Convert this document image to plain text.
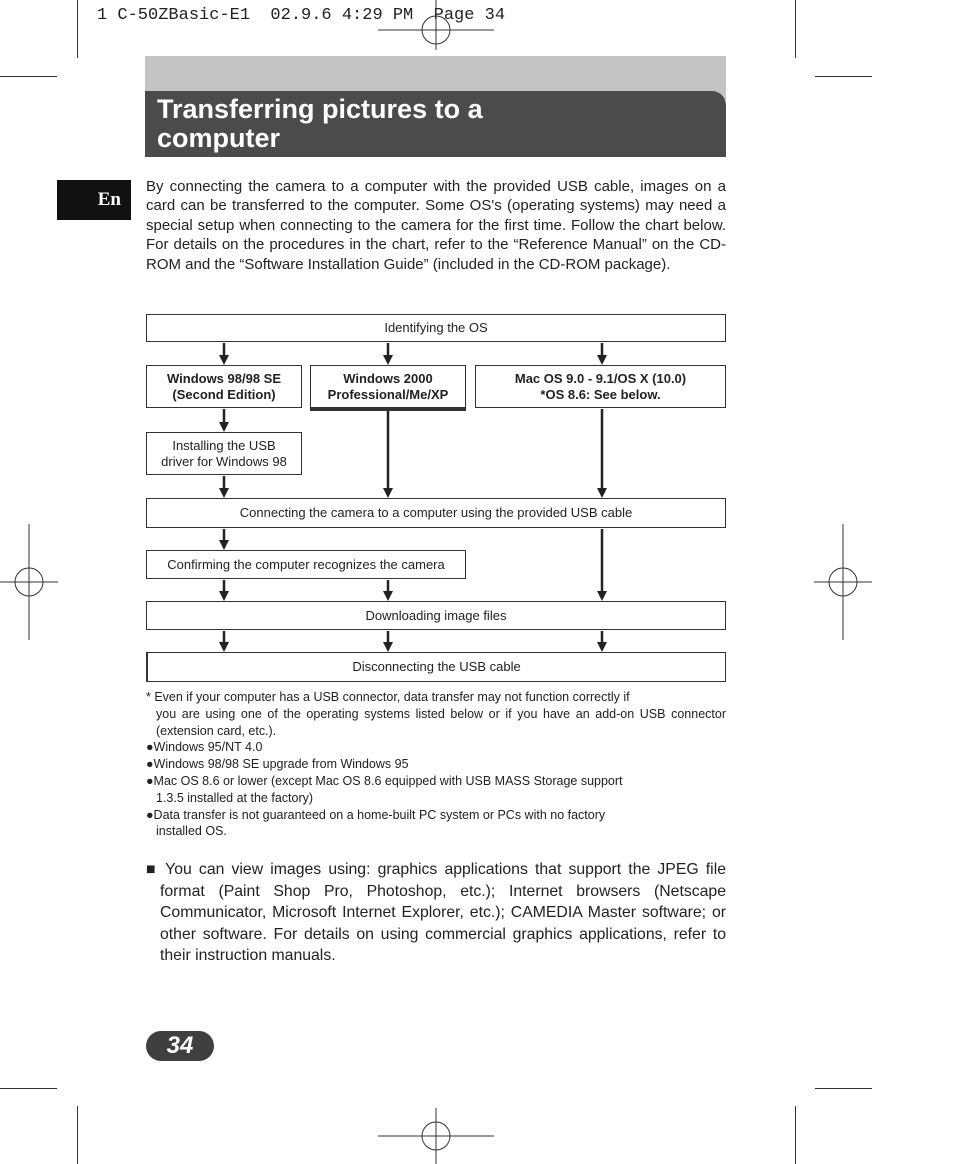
1 C-50ZBasic-E1  02.9.6 4:29 PM  Page 34
Transferring pictures to a computer
En
By connecting the camera to a computer with the provided USB cable, images on a card can be transferred to the computer. Some OS's (operating systems) may need a special setup when connecting to the camera for the first time. Follow the chart below. For details on the procedures in the chart, refer to the “Reference Manual” on the CD-ROM and the “Software Installation Guide” (included in the CD-ROM package).
Identifying the OS
Windows 98/98 SE
(Second Edition)
Windows 2000
Professional/Me/XP
Mac OS 9.0 - 9.1/OS X (10.0)
*OS 8.6: See below.
Installing the USB
driver for Windows 98
Connecting the camera to a computer using the provided USB cable
Confirming the computer recognizes the camera
Downloading image files
Disconnecting the USB cable
* Even if your computer has a USB connector, data transfer may not function correctly if
you are using one of the operating systems listed below or if you have an add-on USB connector (extension card, etc.).
●Windows 95/NT 4.0
●Windows 98/98 SE upgrade from Windows 95
●Mac OS 8.6 or lower (except Mac OS 8.6 equipped with USB MASS Storage support
1.3.5 installed at the factory)
●Data transfer is not guaranteed on a home-built PC system or PCs with no factory
installed OS.
■ You can view images using: graphics applications that support the JPEG file format (Paint Shop Pro, Photoshop, etc.); Internet browsers (Netscape Communicator, Microsoft Internet Explorer, etc.); CAMEDIA Master software; or other software. For details on using commercial graphics applications, refer to their instruction manuals.
34
